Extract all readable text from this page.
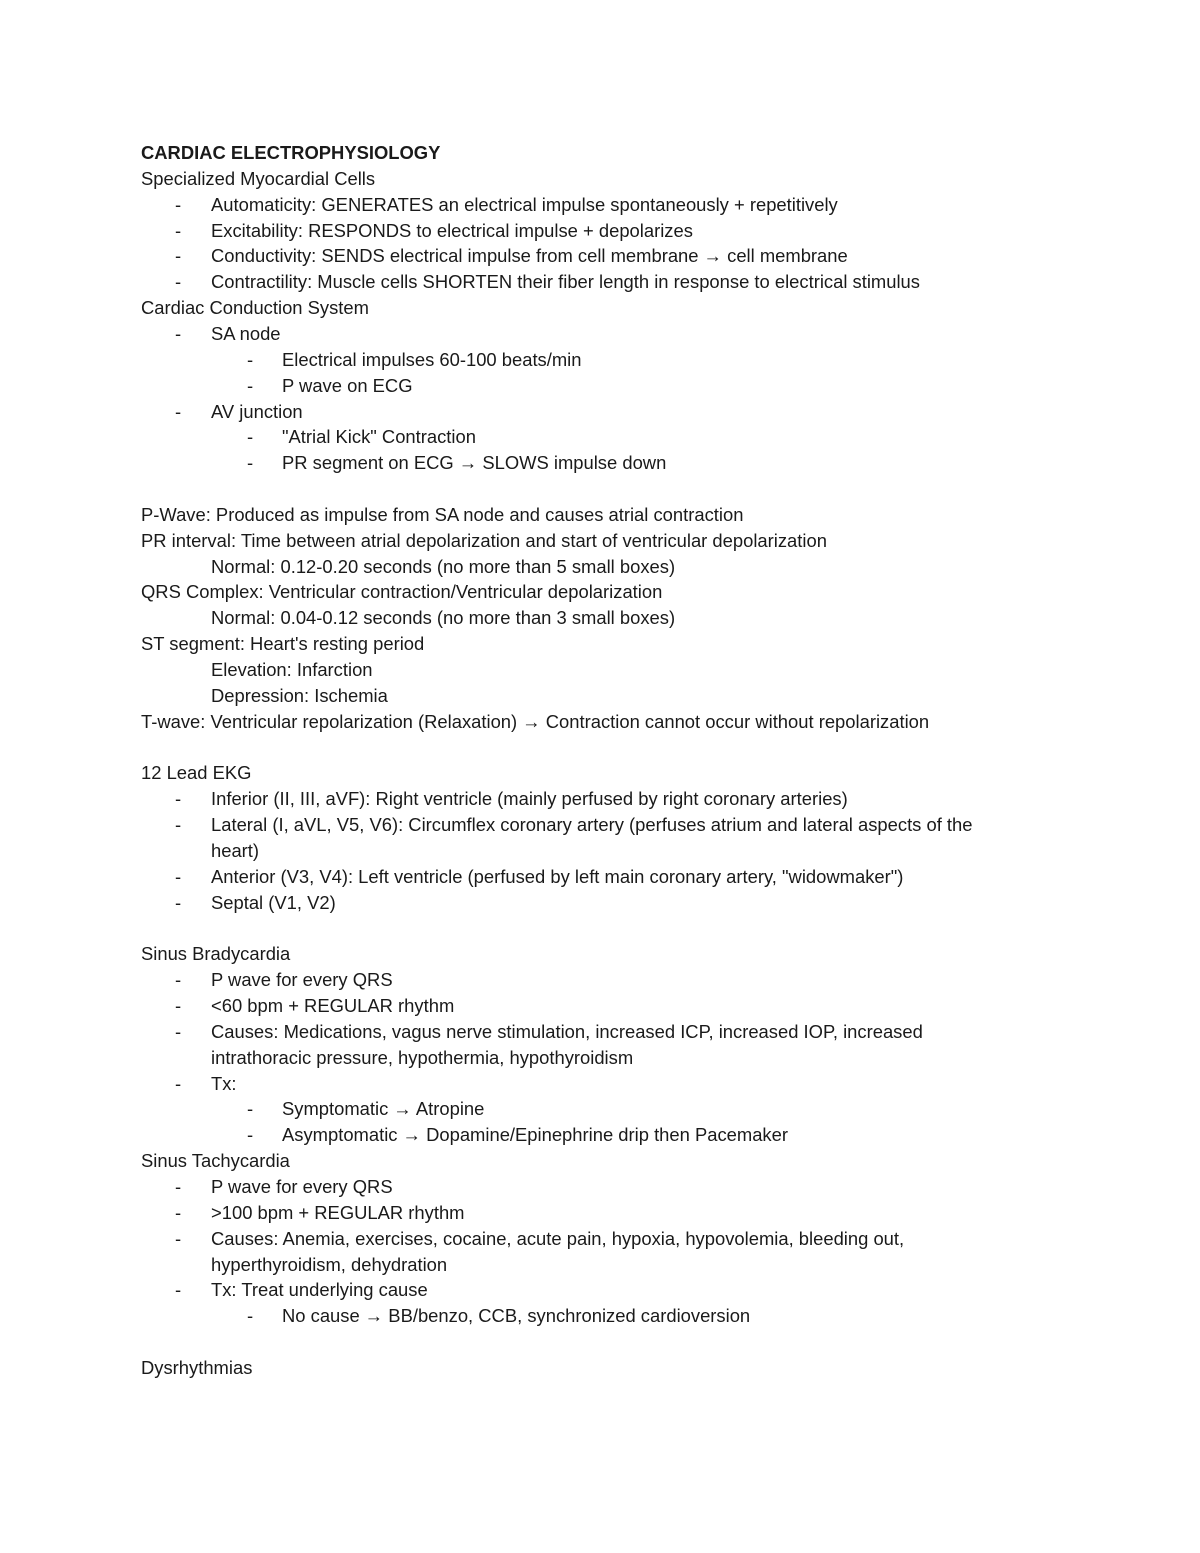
CARDIAC ELECTROPHYSIOLOGY
Specialized Myocardial Cells
- Automaticity: GENERATES an electrical impulse spontaneously + repetitively
- Excitability: RESPONDS to electrical impulse + depolarizes
- Conductivity: SENDS electrical impulse from cell membrane → cell membrane
- Contractility: Muscle cells SHORTEN their fiber length in response to electrical stimulus
Cardiac Conduction System
- SA node
- Electrical impulses 60-100 beats/min
- P wave on ECG
- AV junction
- "Atrial Kick" Contraction
- PR segment on ECG → SLOWS impulse down
P-Wave: Produced as impulse from SA node and causes atrial contraction
PR interval: Time between atrial depolarization and start of ventricular depolarization
Normal: 0.12-0.20 seconds (no more than 5 small boxes)
QRS Complex: Ventricular contraction/Ventricular depolarization
Normal: 0.04-0.12 seconds (no more than 3 small boxes)
ST segment: Heart's resting period
Elevation: Infarction
Depression: Ischemia
T-wave: Ventricular repolarization (Relaxation) → Contraction cannot occur without repolarization
12 Lead EKG
- Inferior (II, III, aVF): Right ventricle (mainly perfused by right coronary arteries)
- Lateral (I, aVL, V5, V6): Circumflex coronary artery (perfuses atrium and lateral aspects of the
heart)
- Anterior (V3, V4): Left ventricle (perfused by left main coronary artery, "widowmaker")
- Septal (V1, V2)
Sinus Bradycardia
- P wave for every QRS
- <60 bpm + REGULAR rhythm
- Causes: Medications, vagus nerve stimulation, increased ICP, increased IOP, increased
intrathoracic pressure, hypothermia, hypothyroidism
- Tx:
- Symptomatic → Atropine
- Asymptomatic → Dopamine/Epinephrine drip then Pacemaker
Sinus Tachycardia
- P wave for every QRS
- >100 bpm + REGULAR rhythm
- Causes: Anemia, exercises, cocaine, acute pain, hypoxia, hypovolemia, bleeding out,
hyperthyroidism, dehydration
- Tx: Treat underlying cause
- No cause → BB/benzo, CCB, synchronized cardioversion
Dysrhythmias
